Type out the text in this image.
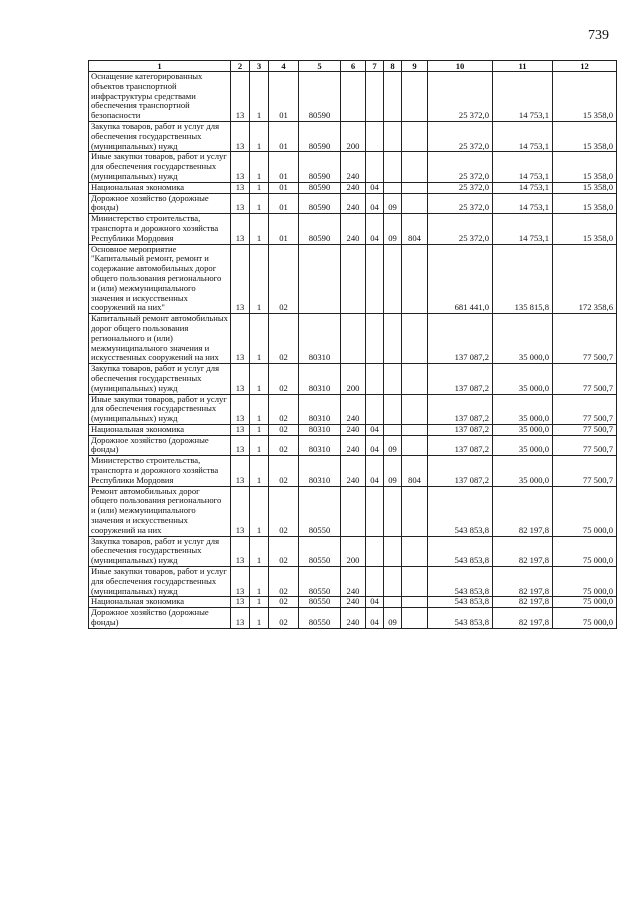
739
1	2	3	4	5	6	7	8	9	10	11	12
Оснащение категорированных объектов транспортной инфраструктуры средствами обеспечения транспортной безопасности	13	1	01	80590					25 372,0	14 753,1	15 358,0
Закупка товаров, работ и услуг для обеспечения государственных (муниципальных) нужд	13	1	01	80590	200				25 372,0	14 753,1	15 358,0
Иные закупки товаров, работ и услуг для обеспечения государственных (муниципальных) нужд	13	1	01	80590	240				25 372,0	14 753,1	15 358,0
Национальная экономика	13	1	01	80590	240	04			25 372,0	14 753,1	15 358,0
Дорожное хозяйство (дорожные фонды)	13	1	01	80590	240	04	09		25 372,0	14 753,1	15 358,0
Министерство строительства, транспорта и дорожного хозяйства Республики Мордовия	13	1	01	80590	240	04	09	804	25 372,0	14 753,1	15 358,0
Основное мероприятие "Капитальный ремонт, ремонт и содержание автомобильных дорог общего пользования регионального и (или) межмуниципального значения и искусственных сооружений на них"	13	1	02						681 441,0	135 815,8	172 358,6
Капитальный ремонт автомобильных дорог общего пользования регионального и (или) межмуниципального значения и искусственных сооружений на них	13	1	02	80310					137 087,2	35 000,0	77 500,7
Закупка товаров, работ и услуг для обеспечения государственных (муниципальных) нужд	13	1	02	80310	200				137 087,2	35 000,0	77 500,7
Иные закупки товаров, работ и услуг для обеспечения государственных (муниципальных) нужд	13	1	02	80310	240				137 087,2	35 000,0	77 500,7
Национальная экономика	13	1	02	80310	240	04			137 087,2	35 000,0	77 500,7
Дорожное хозяйство (дорожные фонды)	13	1	02	80310	240	04	09		137 087,2	35 000,0	77 500,7
Министерство строительства, транспорта и дорожного хозяйства Республики Мордовия	13	1	02	80310	240	04	09	804	137 087,2	35 000,0	77 500,7
Ремонт автомобильных дорог общего пользования регионального и (или) межмуниципального значения и искусственных сооружений на них	13	1	02	80550					543 853,8	82 197,8	75 000,0
Закупка товаров, работ и услуг для обеспечения государственных (муниципальных) нужд	13	1	02	80550	200				543 853,8	82 197,8	75 000,0
Иные закупки товаров, работ и услуг для обеспечения государственных (муниципальных) нужд	13	1	02	80550	240				543 853,8	82 197,8	75 000,0
Национальная экономика	13	1	02	80550	240	04			543 853,8	82 197,8	75 000,0
Дорожное хозяйство (дорожные фонды)	13	1	02	80550	240	04	09		543 853,8	82 197,8	75 000,0
